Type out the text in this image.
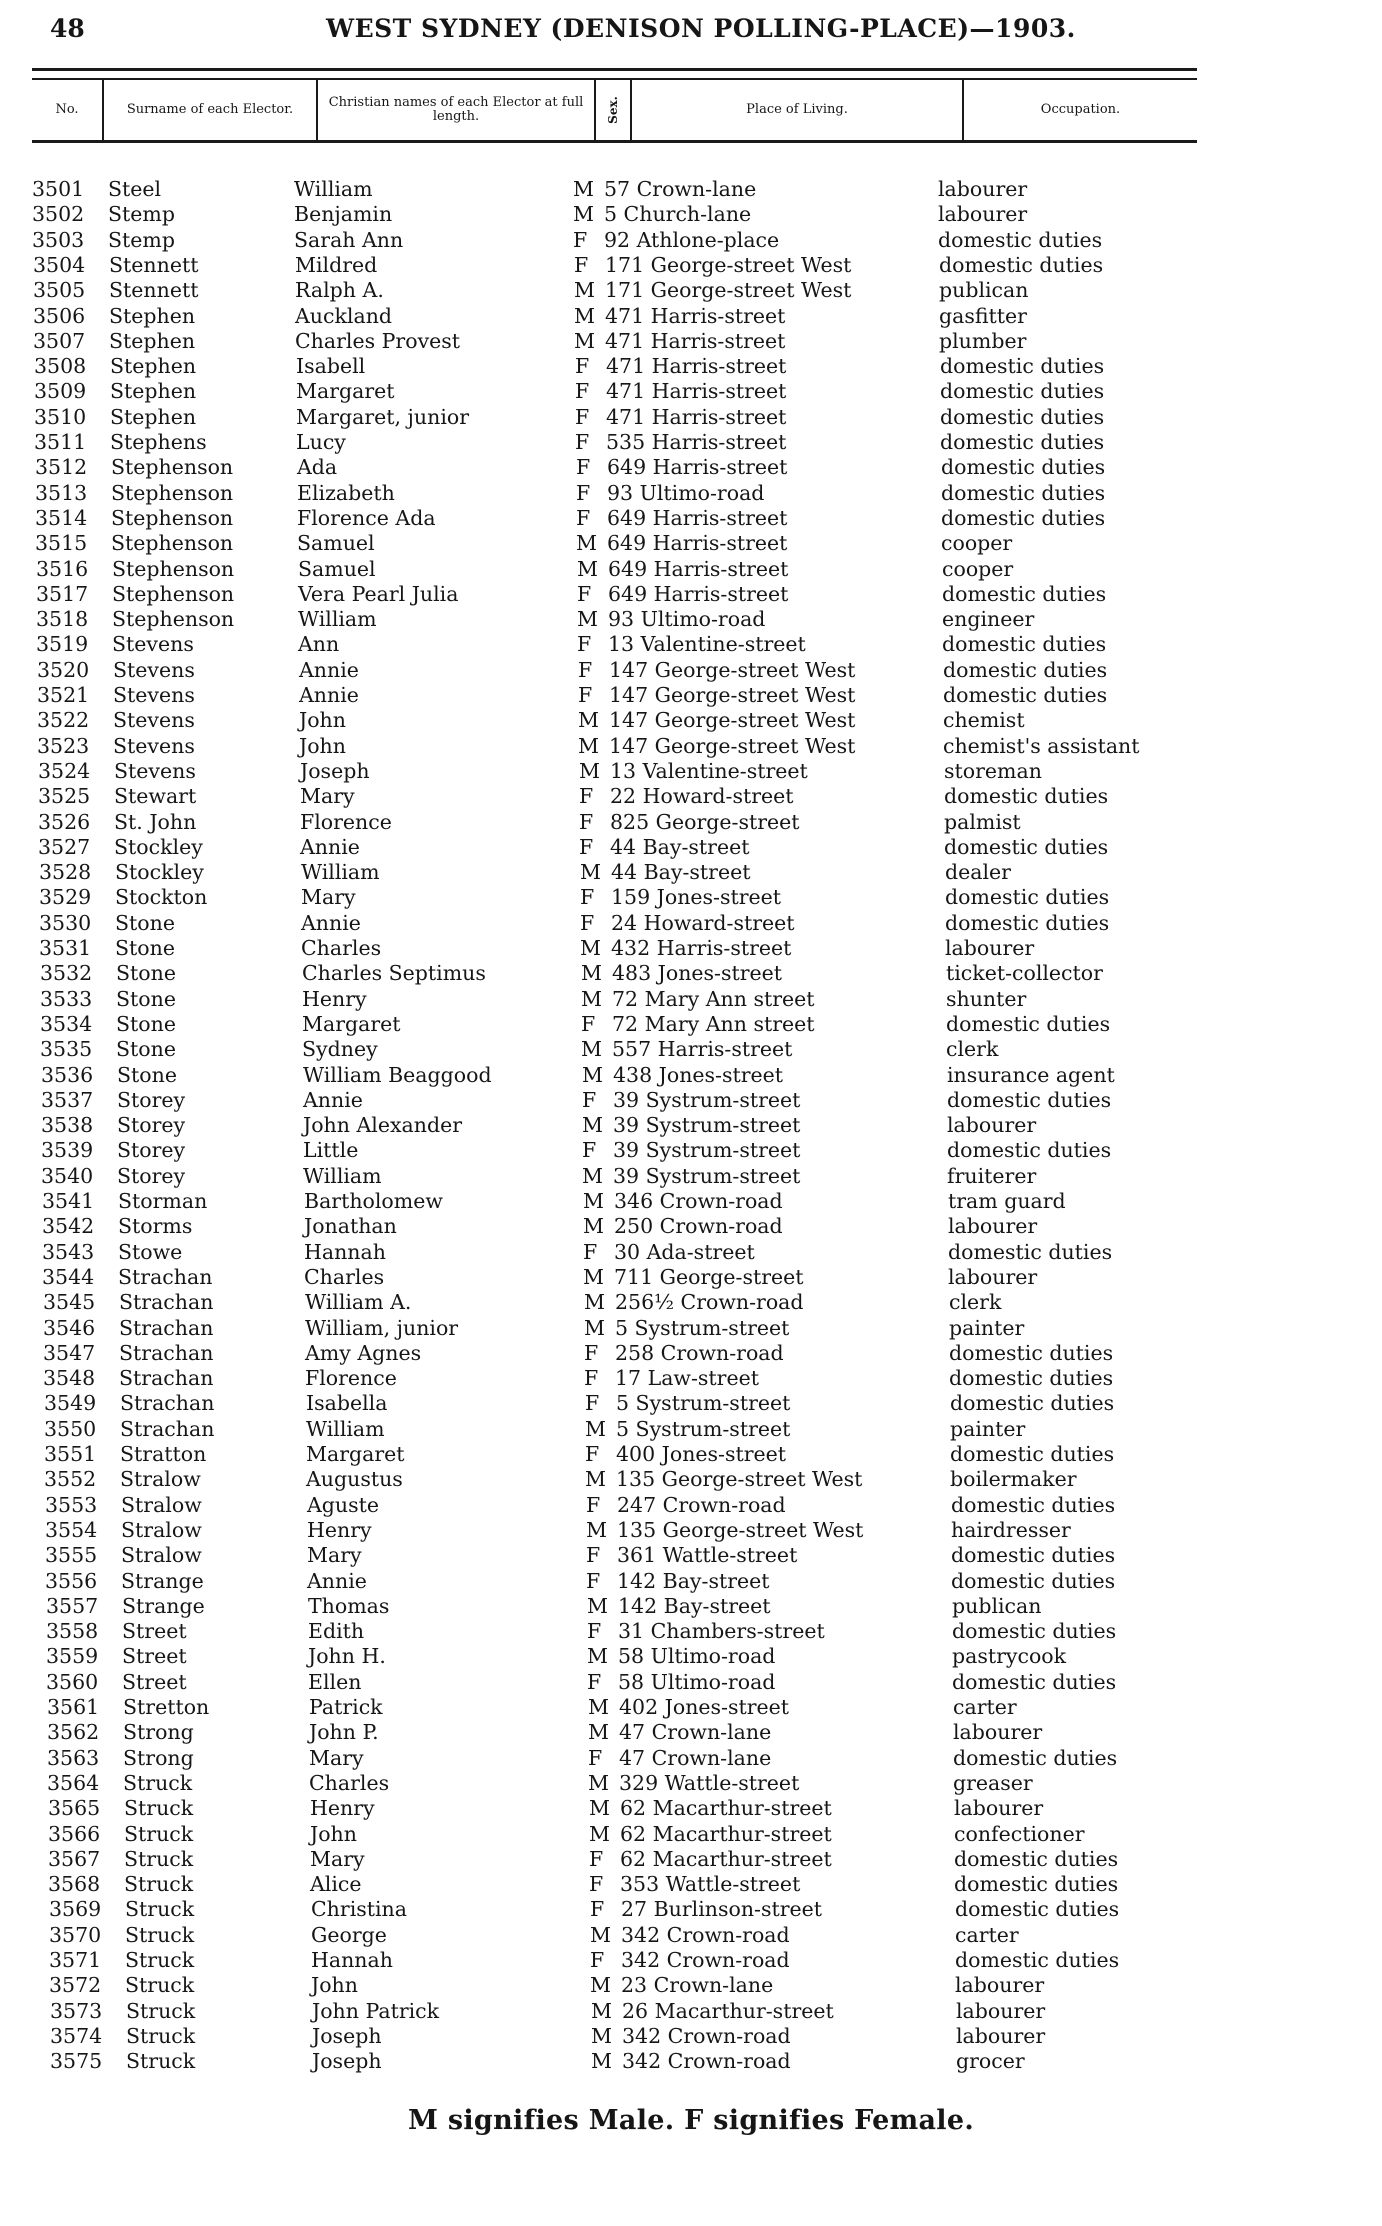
48	WEST SYDNEY (DENISON POLLING-PLACE)—1903.
No.	Surname of each Elector.	Christian names of each Elector at full length.	Sex.	Place of Living.	Occupation.
3501 Steel	William	M 57 Crown-lane	labourer
3502 Stemp	Benjamin	M 5 Church-lane	labourer
3503 Stemp	Sarah Ann	F 92 Athlone-place	domestic duties
3504 Stennett	Mildred	F 171 George-street West	domestic duties
3505 Stennett	Ralph A.	M 171 George-street West	publican
3506 Stephen	Auckland	M 471 Harris-street	gasfitter
3507 Stephen	Charles Provest	M 471 Harris-street	plumber
3508 Stephen	Isabell	F 471 Harris-street	domestic duties
3509 Stephen	Margaret	F 471 Harris-street	domestic duties
3510 Stephen	Margaret, junior	F 471 Harris-street	domestic duties
3511 Stephens	Lucy	F 535 Harris-street	domestic duties
3512 Stephenson	Ada	F 649 Harris-street	domestic duties
3513 Stephenson	Elizabeth	F 93 Ultimo-road	domestic duties
3514 Stephenson	Florence Ada	F 649 Harris-street	domestic duties
3515 Stephenson	Samuel	M 649 Harris-street	cooper
3516 Stephenson	Samuel	M 649 Harris-street	cooper
3517 Stephenson	Vera Pearl Julia	F 649 Harris-street	domestic duties
3518 Stephenson	William	M 93 Ultimo-road	engineer
3519 Stevens	Ann	F 13 Valentine-street	domestic duties
3520 Stevens	Annie	F 147 George-street West	domestic duties
3521 Stevens	Annie	F 147 George-street West	domestic duties
3522 Stevens	John	M 147 George-street West	chemist
3523 Stevens	John	M 147 George-street West	chemist's assistant
3524 Stevens	Joseph	M 13 Valentine-street	storeman
3525 Stewart	Mary	F 22 Howard-street	domestic duties
3526 St. John	Florence	F 825 George-street	palmist
3527 Stockley	Annie	F 44 Bay-street	domestic duties
3528 Stockley	William	M 44 Bay-street	dealer
3529 Stockton	Mary	F 159 Jones-street	domestic duties
3530 Stone	Annie	F 24 Howard-street	domestic duties
3531 Stone	Charles	M 432 Harris-street	labourer
3532 Stone	Charles Septimus	M 483 Jones-street	ticket-collector
3533 Stone	Henry	M 72 Mary Ann street	shunter
3534 Stone	Margaret	F 72 Mary Ann street	domestic duties
3535 Stone	Sydney	M 557 Harris-street	clerk
3536 Stone	William Beaggood	M 438 Jones-street	insurance agent
3537 Storey	Annie	F 39 Systrum-street	domestic duties
3538 Storey	John Alexander	M 39 Systrum-street	labourer
3539 Storey	Little	F 39 Systrum-street	domestic duties
3540 Storey	William	M 39 Systrum-street	fruiterer
3541 Storman	Bartholomew	M 346 Crown-road	tram guard
3542 Storms	Jonathan	M 250 Crown-road	labourer
3543 Stowe	Hannah	F 30 Ada-street	domestic duties
3544 Strachan	Charles	M 711 George-street	labourer
3545 Strachan	William A.	M 256½ Crown-road	clerk
3546 Strachan	William, junior	M 5 Systrum-street	painter
3547 Strachan	Amy Agnes	F 258 Crown-road	domestic duties
3548 Strachan	Florence	F 17 Law-street	domestic duties
3549 Strachan	Isabella	F 5 Systrum-street	domestic duties
3550 Strachan	William	M 5 Systrum-street	painter
3551 Stratton	Margaret	F 400 Jones-street	domestic duties
3552 Stralow	Augustus	M 135 George-street West	boilermaker
3553 Stralow	Aguste	F 247 Crown-road	domestic duties
3554 Stralow	Henry	M 135 George-street West	hairdresser
3555 Stralow	Mary	F 361 Wattle-street	domestic duties
3556 Strange	Annie	F 142 Bay-street	domestic duties
3557 Strange	Thomas	M 142 Bay-street	publican
3558 Street	Edith	F 31 Chambers-street	domestic duties
3559 Street	John H.	M 58 Ultimo-road	pastrycook
3560 Street	Ellen	F 58 Ultimo-road	domestic duties
3561 Stretton	Patrick	M 402 Jones-street	carter
3562 Strong	John P.	M 47 Crown-lane	labourer
3563 Strong	Mary	F 47 Crown-lane	domestic duties
3564 Struck	Charles	M 329 Wattle-street	greaser
3565 Struck	Henry	M 62 Macarthur-street	labourer
3566 Struck	John	M 62 Macarthur-street	confectioner
3567 Struck	Mary	F 62 Macarthur-street	domestic duties
3568 Struck	Alice	F 353 Wattle-street	domestic duties
3569 Struck	Christina	F 27 Burlinson-street	domestic duties
3570 Struck	George	M 342 Crown-road	carter
3571 Struck	Hannah	F 342 Crown-road	domestic duties
3572 Struck	John	M 23 Crown-lane	labourer
3573 Struck	John Patrick	M 26 Macarthur-street	labourer
3574 Struck	Joseph	M 342 Crown-road	labourer
3575 Struck	Joseph	M 342 Crown-road	grocer
M signifies Male. F signifies Female.
